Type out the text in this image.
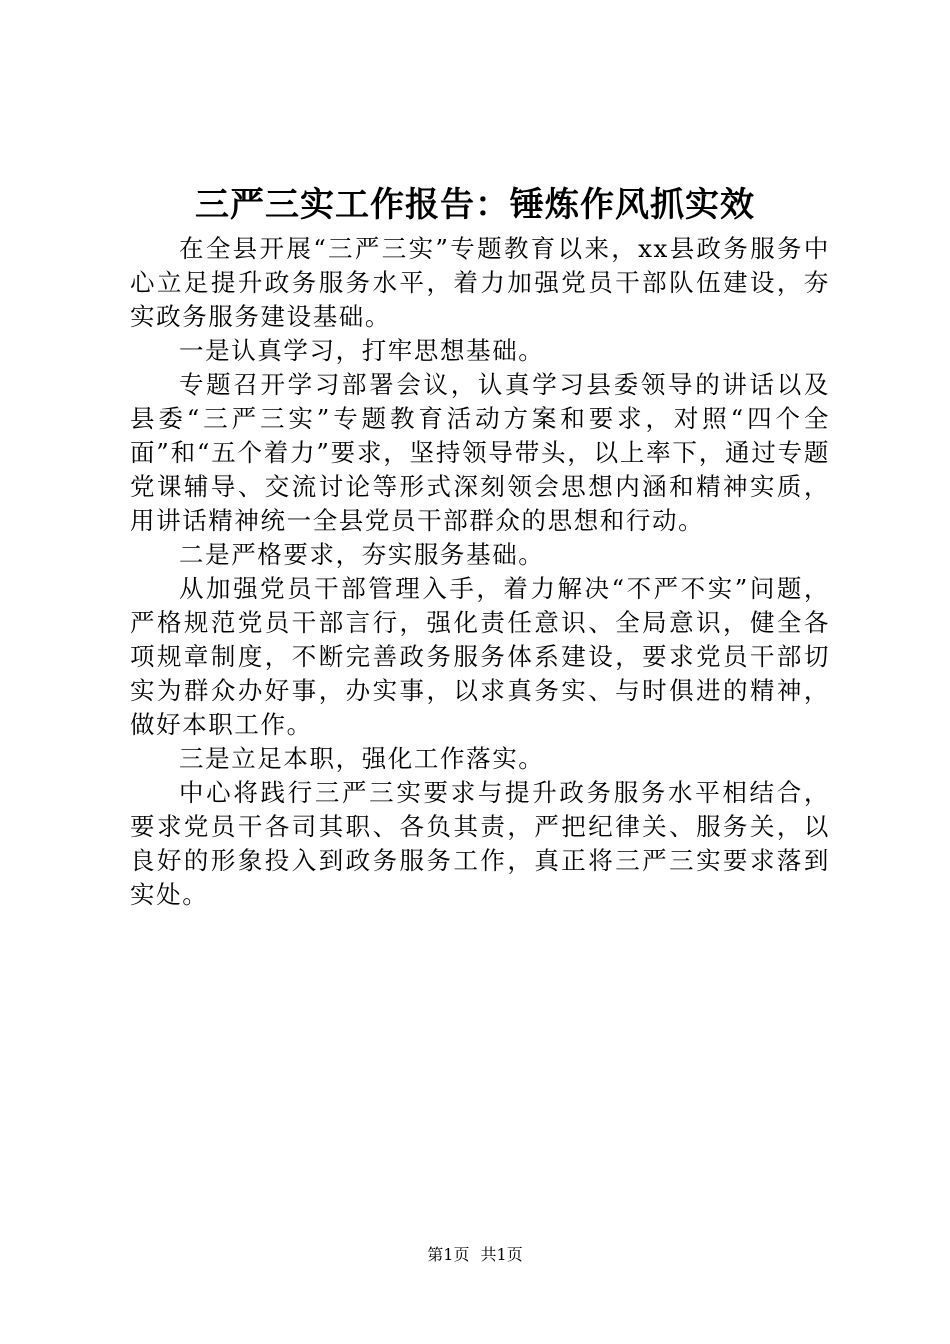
三严三实工作报告：锤炼作风抓实效

在全县开展“三严三实”专题教育以来，xx县政务服务中心立足提升政务服务水平，着力加强党员干部队伍建设，夯实政务服务建设基础。

一是认真学习，打牢思想基础。

专题召开学习部署会议，认真学习县委领导的讲话以及县委“三严三实”专题教育活动方案和要求，对照“四个全面”和“五个着力”要求，坚持领导带头，以上率下，通过专题党课辅导、交流讨论等形式深刻领会思想内涵和精神实质，用讲话精神统一全县党员干部群众的思想和行动。

二是严格要求，夯实服务基础。

从加强党员干部管理入手，着力解决“不严不实”问题，严格规范党员干部言行，强化责任意识、全局意识，健全各项规章制度，不断完善政务服务体系建设，要求党员干部切实为群众办好事，办实事，以求真务实、与时俱进的精神，做好本职工作。

三是立足本职，强化工作落实。

中心将践行三严三实要求与提升政务服务水平相结合，要求党员干各司其职、各负其责，严把纪律关、服务关，以良好的形象投入到政务服务工作，真正将三严三实要求落到实处。

第1页 共1页
